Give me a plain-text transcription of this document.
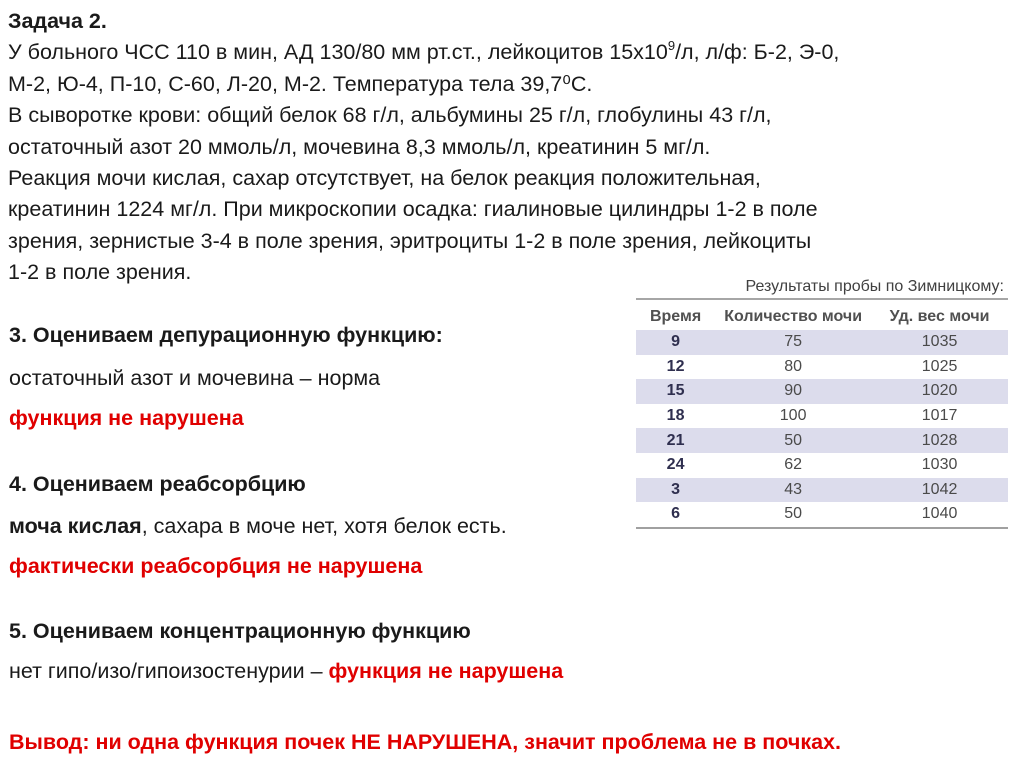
Задача 2.
У больного ЧСС 110 в мин, АД 130/80 мм рт.ст., лейкоцитов $15х10^9/л$, л/ф: Б-2, Э-0,
М-2, Ю-4, П-10, С-60, Л-20, М-2. Температура тела 39,7⁰С.
В сыворотке крови: общий белок 68 г/л, альбумины 25 г/л, глобулины 43 г/л,
остаточный азот 20 ммоль/л, мочевина 8,3 ммоль/л, креатинин 5 мг/л.
Реакция мочи кислая, сахар отсутствует, на белок реакция положительная,
креатинин 1224 мг/л. При микроскопии осадка: гиалиновые цилиндры 1-2 в поле
зрения, зернистые 3-4 в поле зрения, эритроциты 1-2 в поле зрения, лейкоциты
1-2 в поле зрения.
3. Оцениваем депурационную функцию:
остаточный азот и мочевина – норма
функция не нарушена
4. Оцениваем реабсорбцию
моча кислая, сахара в моче нет, хотя белок есть.
фактически реабсорбция не нарушена
5. Оцениваем концентрационную функцию
нет гипо/изо/гипоизостенурии – функция не нарушена
Вывод: ни одна функция почек НЕ НАРУШЕНА, значит проблема не в почках.
Результаты пробы по Зимницкому:
Время	Количество мочи	Уд. вес мочи
9	75	1035
12	80	1025
15	90	1020
18	100	1017
21	50	1028
24	62	1030
3	43	1042
6	50	1040
